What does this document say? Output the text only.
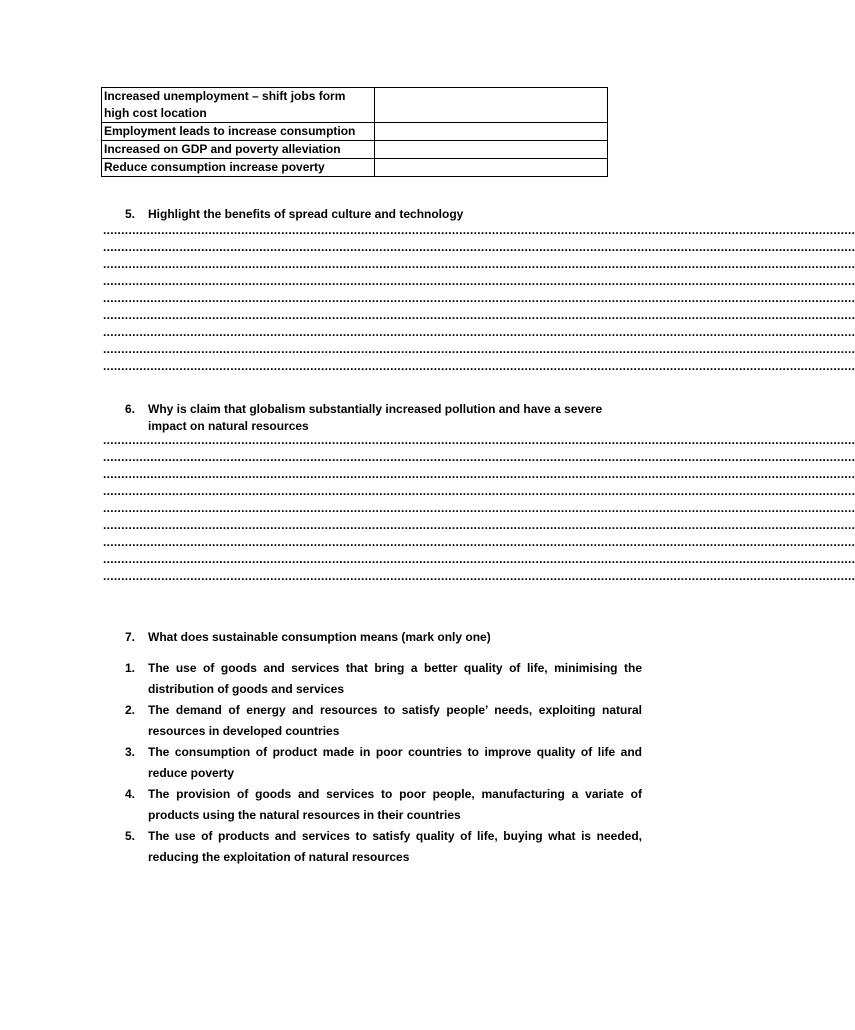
Increased unemployment – shift jobs form high cost location	
Employment leads to increase consumption	
Increased on GDP and poverty alleviation	
Reduce consumption increase poverty	
5. Highlight the benefits of spread culture and technology
...............................................................................................................................................................................................................
...............................................................................................................................................................................................................
...............................................................................................................................................................................................................
...............................................................................................................................................................................................................
...............................................................................................................................................................................................................
...............................................................................................................................................................................................................
...............................................................................................................................................................................................................
...............................................................................................................................................................................................................
...............................................................................................................................................................................................................
6. Why is claim that globalism substantially increased pollution and have a severe impact on natural resources
...............................................................................................................................................................................................................
...............................................................................................................................................................................................................
...............................................................................................................................................................................................................
...............................................................................................................................................................................................................
...............................................................................................................................................................................................................
...............................................................................................................................................................................................................
...............................................................................................................................................................................................................
...............................................................................................................................................................................................................
...............................................................................................................................................................................................................
7. What does sustainable consumption means (mark only one)
1. The use of goods and services that bring a better quality of life, minimising the distribution of goods and services
2. The demand of energy and resources to satisfy people’ needs, exploiting natural resources in developed countries
3. The consumption of product made in poor countries to improve quality of life and reduce poverty
4. The provision of goods and services to poor people, manufacturing a variate of products using the natural resources in their countries
5. The use of products and services to satisfy quality of life, buying what is needed, reducing the exploitation of natural resources
